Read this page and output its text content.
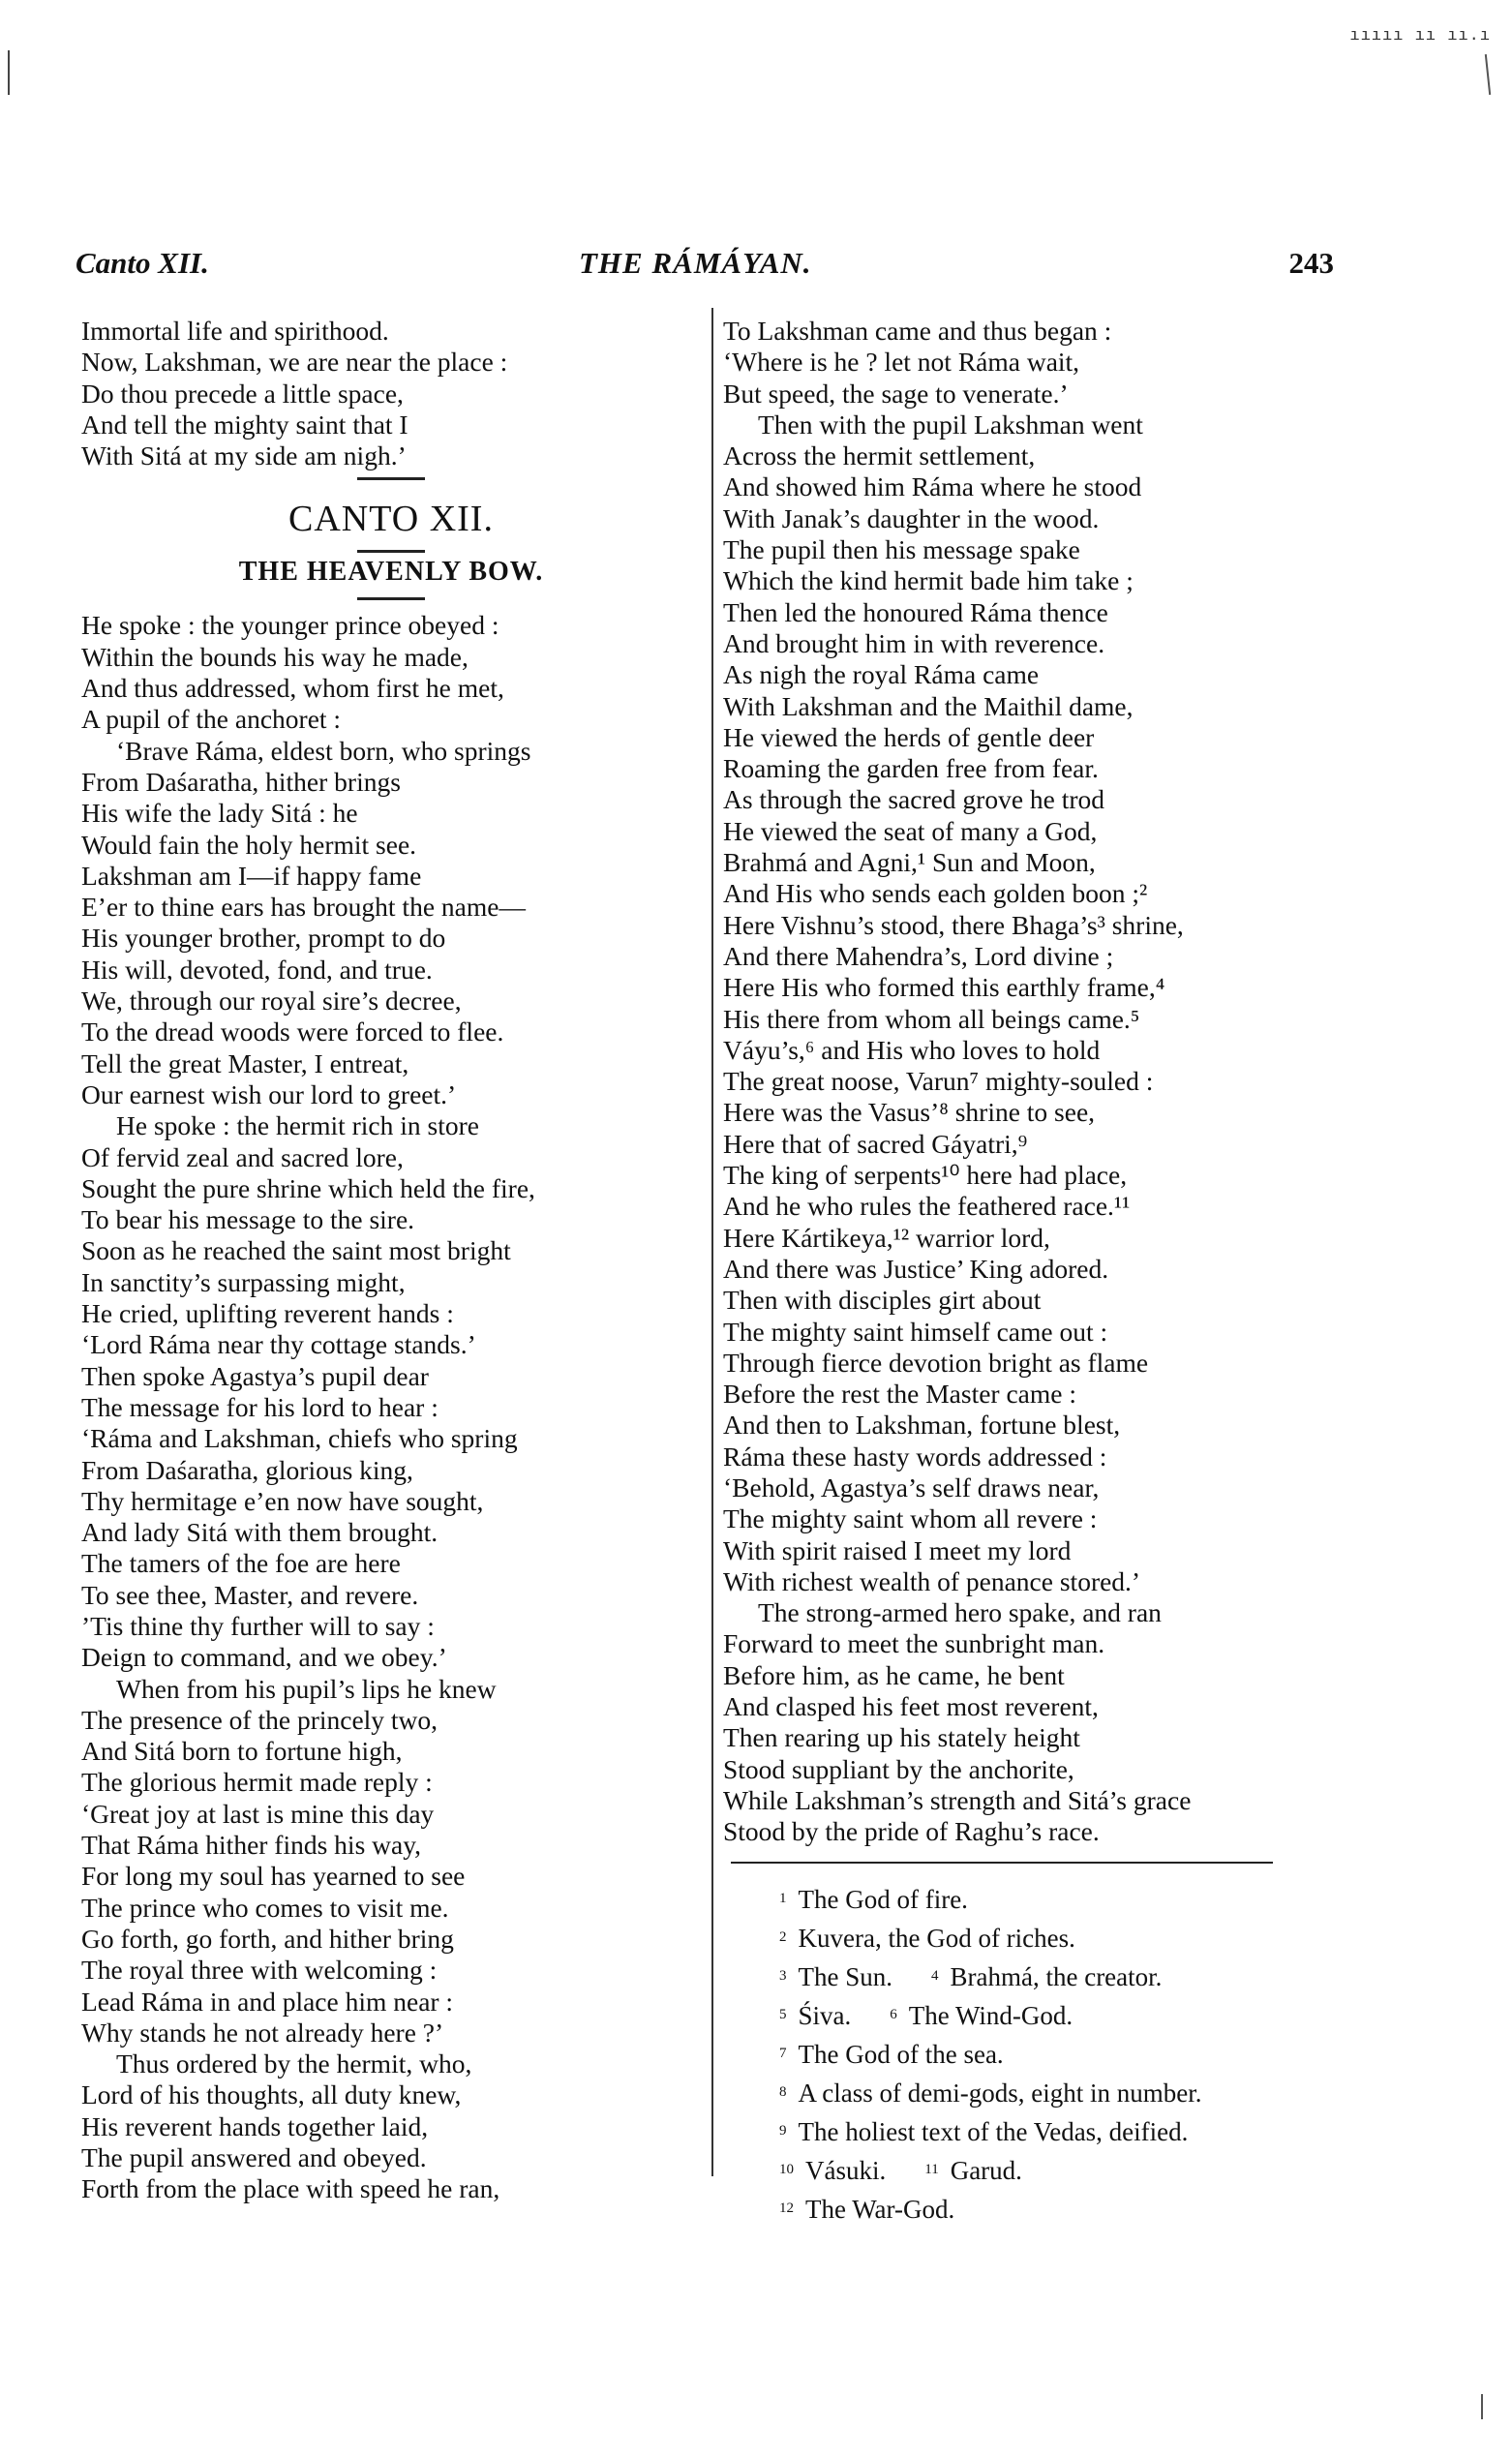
ııııı ıı ıı.ı
Canto XII.	THE RÁMÁYAN.	243
Immortal life and spirithood.
Now, Lakshman, we are near the place :
Do thou precede a little space,
And tell the mighty saint that I
With Sitá at my side am nigh.’
CANTO XII.
THE HEAVENLY BOW.
He spoke : the younger prince obeyed :
Within the bounds his way he made,
And thus addressed, whom first he met,
A pupil of the anchoret :
‘Brave Ráma, eldest born, who springs
From Daśaratha, hither brings
His wife the lady Sitá : he
Would fain the holy hermit see.
Lakshman am I—if happy fame
E’er to thine ears has brought the name—
His younger brother, prompt to do
His will, devoted, fond, and true.
We, through our royal sire’s decree,
To the dread woods were forced to flee.
Tell the great Master, I entreat,
Our earnest wish our lord to greet.’
He spoke : the hermit rich in store
Of fervid zeal and sacred lore,
Sought the pure shrine which held the fire,
To bear his message to the sire.
Soon as he reached the saint most bright
In sanctity’s surpassing might,
He cried, uplifting reverent hands :
‘Lord Ráma near thy cottage stands.’
Then spoke Agastya’s pupil dear
The message for his lord to hear :
‘Ráma and Lakshman, chiefs who spring
From Daśaratha, glorious king,
Thy hermitage e’en now have sought,
And lady Sitá with them brought.
The tamers of the foe are here
To see thee, Master, and revere.
’Tis thine thy further will to say :
Deign to command, and we obey.’
When from his pupil’s lips he knew
The presence of the princely two,
And Sitá born to fortune high,
The glorious hermit made reply :
‘Great joy at last is mine this day
That Ráma hither finds his way,
For long my soul has yearned to see
The prince who comes to visit me.
Go forth, go forth, and hither bring
The royal three with welcoming :
Lead Ráma in and place him near :
Why stands he not already here ?’
Thus ordered by the hermit, who,
Lord of his thoughts, all duty knew,
His reverent hands together laid,
The pupil answered and obeyed.
Forth from the place with speed he ran,
To Lakshman came and thus began :
‘Where is he ? let not Ráma wait,
But speed, the sage to venerate.’
Then with the pupil Lakshman went
Across the hermit settlement,
And showed him Ráma where he stood
With Janak’s daughter in the wood.
The pupil then his message spake
Which the kind hermit bade him take ;
Then led the honoured Ráma thence
And brought him in with reverence.
As nigh the royal Ráma came
With Lakshman and the Maithil dame,
He viewed the herds of gentle deer
Roaming the garden free from fear.
As through the sacred grove he trod
He viewed the seat of many a God,
Brahmá and Agni,¹ Sun and Moon,
And His who sends each golden boon ;²
Here Vishnu’s stood, there Bhaga’s³ shrine,
And there Mahendra’s, Lord divine ;
Here His who formed this earthly frame,⁴
His there from whom all beings came.⁵
Váyu’s,⁶ and His who loves to hold
The great noose, Varun⁷ mighty-souled :
Here was the Vasus’⁸ shrine to see,
Here that of sacred Gáyatri,⁹
The king of serpents¹⁰ here had place,
And he who rules the feathered race.¹¹
Here Kártikeya,¹² warrior lord,
And there was Justice’ King adored.
Then with disciples girt about
The mighty saint himself came out :
Through fierce devotion bright as flame
Before the rest the Master came :
And then to Lakshman, fortune blest,
Ráma these hasty words addressed :
‘Behold, Agastya’s self draws near,
The mighty saint whom all revere :
With spirit raised I meet my lord
With richest wealth of penance stored.’
The strong-armed hero spake, and ran
Forward to meet the sunbright man.
Before him, as he came, he bent
And clasped his feet most reverent,
Then rearing up his stately height
Stood suppliant by the anchorite,
While Lakshman’s strength and Sitá’s grace
Stood by the pride of Raghu’s race.
$^1$ The God of fire.
$^2$ Kuvera, the God of riches.
$^3$ The Sun.	$^4$ Brahmá, the creator.
$^5$ Śiva.	$^6$ The Wind-God.
$^7$ The God of the sea.
$^8$ A class of demi-gods, eight in number.
$^9$ The holiest text of the Vedas, deified.
$^{10}$ Vásuki.	$^{11}$ Garud.
$^{12}$ The War-God.
